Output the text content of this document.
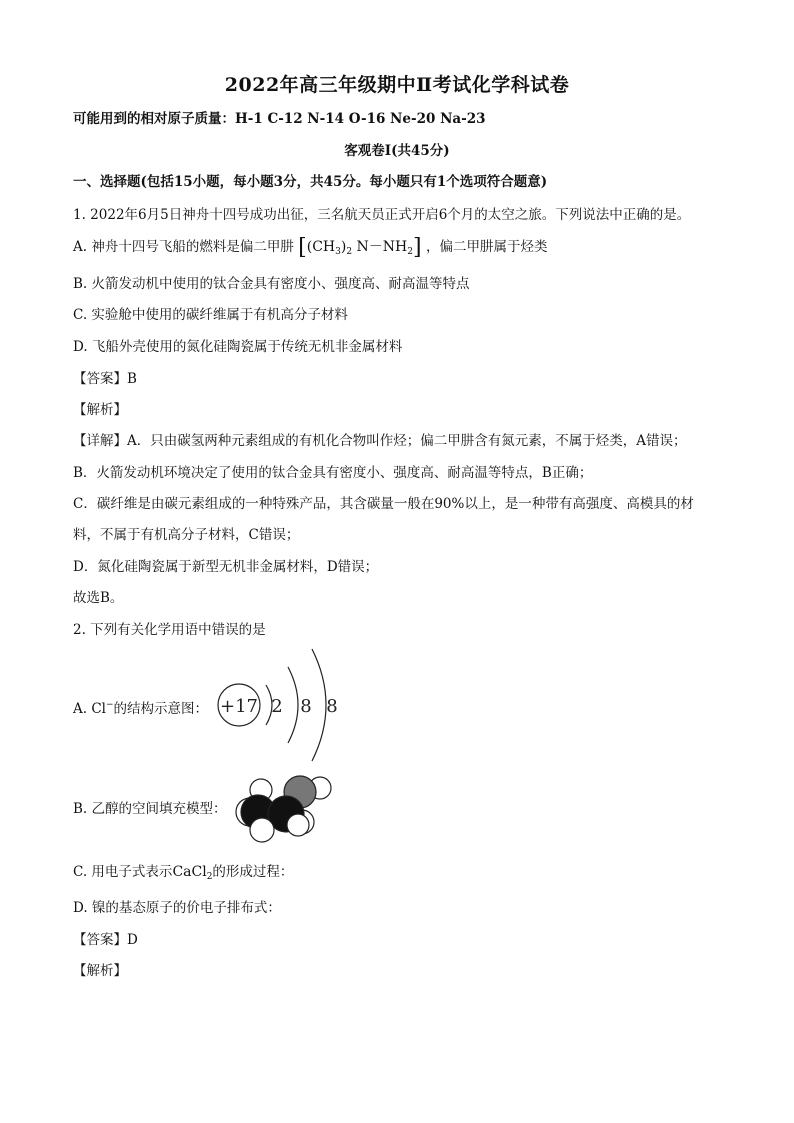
2022年高三年级期中Ⅱ考试化学科试卷
可能用到的相对原子质量：H-1 C-12 N-14 O-16 Ne-20 Na-23
客观卷Ⅰ(共45分)
一、选择题(包括15小题，每小题3分，共45分。每小题只有1个选项符合题意)
1. 2022年6月5日神舟十四号成功出征，三名航天员正式开启6个月的太空之旅。下列说法中正确的是。
A. 神舟十四号飞船的燃料是偏二甲肼 [$(CH_3)_2$ $N-NH_2$] ，偏二甲肼属于烃类
B. 火箭发动机中使用的钛合金具有密度小、强度高、耐高温等特点
C. 实验舱中使用的碳纤维属于有机高分子材料
D. 飞船外壳使用的氮化硅陶瓷属于传统无机非金属材料
【答案】B
【解析】
【详解】A．只由碳氢两种元素组成的有机化合物叫作烃；偏二甲肼含有氮元素，不属于烃类，A错误；
B．火箭发动机环境决定了使用的钛合金具有密度小、强度高、耐高温等特点，B正确；
C．碳纤维是由碳元素组成的一种特殊产品，其含碳量一般在90%以上，是一种带有高强度、高模具的材
料，不属于有机高分子材料，C错误；
D．氮化硅陶瓷属于新型无机非金属材料，D错误；
故选B。
2. 下列有关化学用语中错误的是
A. Cl−的结构示意图： +17 2 8 8
B. 乙醇的空间填充模型：
C. 用电子式表示CaCl$_2$的形成过程：
D. 镍的基态原子的价电子排布式：
【答案】D
【解析】
